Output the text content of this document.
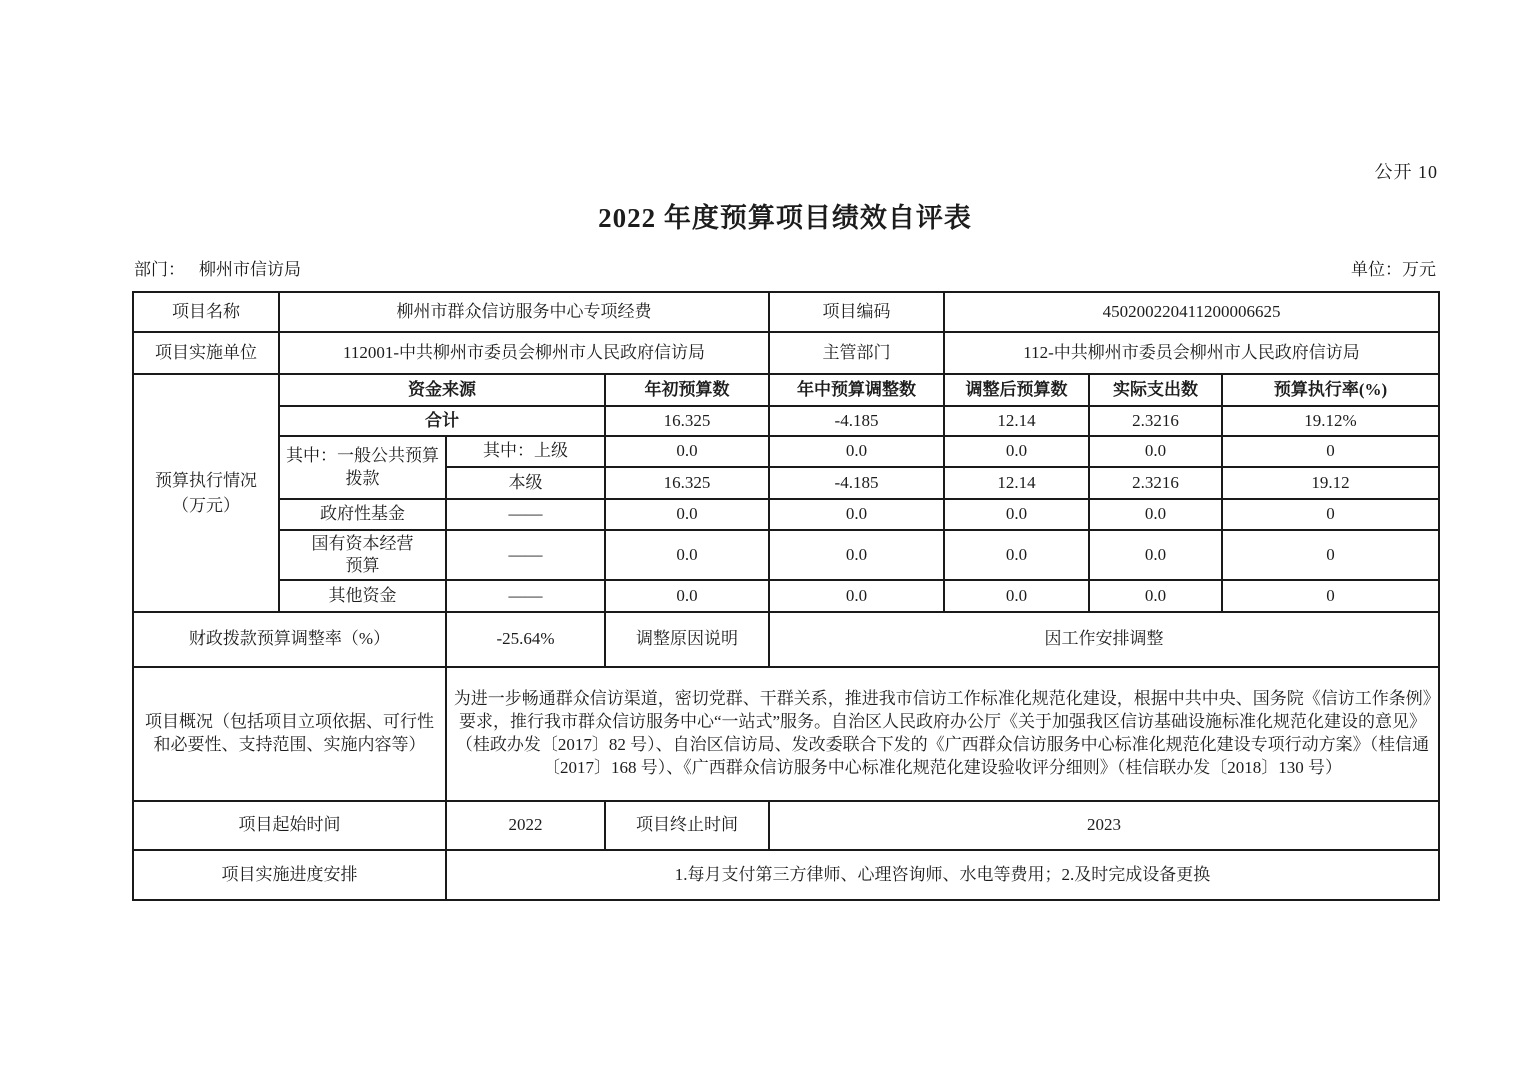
公开 10
2022 年度预算项目绩效自评表
部门： 柳州市信访局	单位：万元
项目名称	柳州市群众信访服务中心专项经费			项目编码	450200220411200006625		
项目实施单位	112001-中共柳州市委员会柳州市人民政府信访局			主管部门	112-中共柳州市委员会柳州市人民政府信访局		

预算执行情况
（万元）	资金来源		年初预算数	年中预算调整数	调整后预算数	实际支出数	预算执行率(%)
	合计		16.325	-4.185	12.14	2.3216	19.12%
	其中：一般公共预算拨款	其中：上级	0.0	0.0	0.0	0.0	0
		本级	16.325	-4.185	12.14	2.3216	19.12
	政府性基金	——	0.0	0.0	0.0	0.0	0

	国有资本经营预算	——	0.0	0.0	0.0	0.0	0
	其他资金	——	0.0	0.0	0.0	0.0	0
财政拨款预算调整率（%）		-25.64%	调整原因说明	因工作安排调整			
项目概况（包括项目立项依据、可行性和必要性、支持范围、实施内容等）		为进一步畅通群众信访渠道，密切党群、干群关系，推进我市信访工作标准化规范化建设，根据中共中央、国务院《信访工作条例》要求，推行我市群众信访服务中心“一站式”服务。自治区人民政府办公厅《关于加强我区信访基础设施标准化规范化建设的意见》（桂政办发〔2017〕82 号）、自治区信访局、发改委联合下发的《广西群众信访服务中心标准化规范化建设专项行动方案》（桂信通〔2017〕168 号）、《广西群众信访服务中心标准化规范化建设验收评分细则》（桂信联办发〔2018〕130 号）					
项目起始时间		2022	项目终止时间	2023			
项目实施进度安排		1.每月支付第三方律师、心理咨询师、水电等费用；2.及时完成设备更换					
